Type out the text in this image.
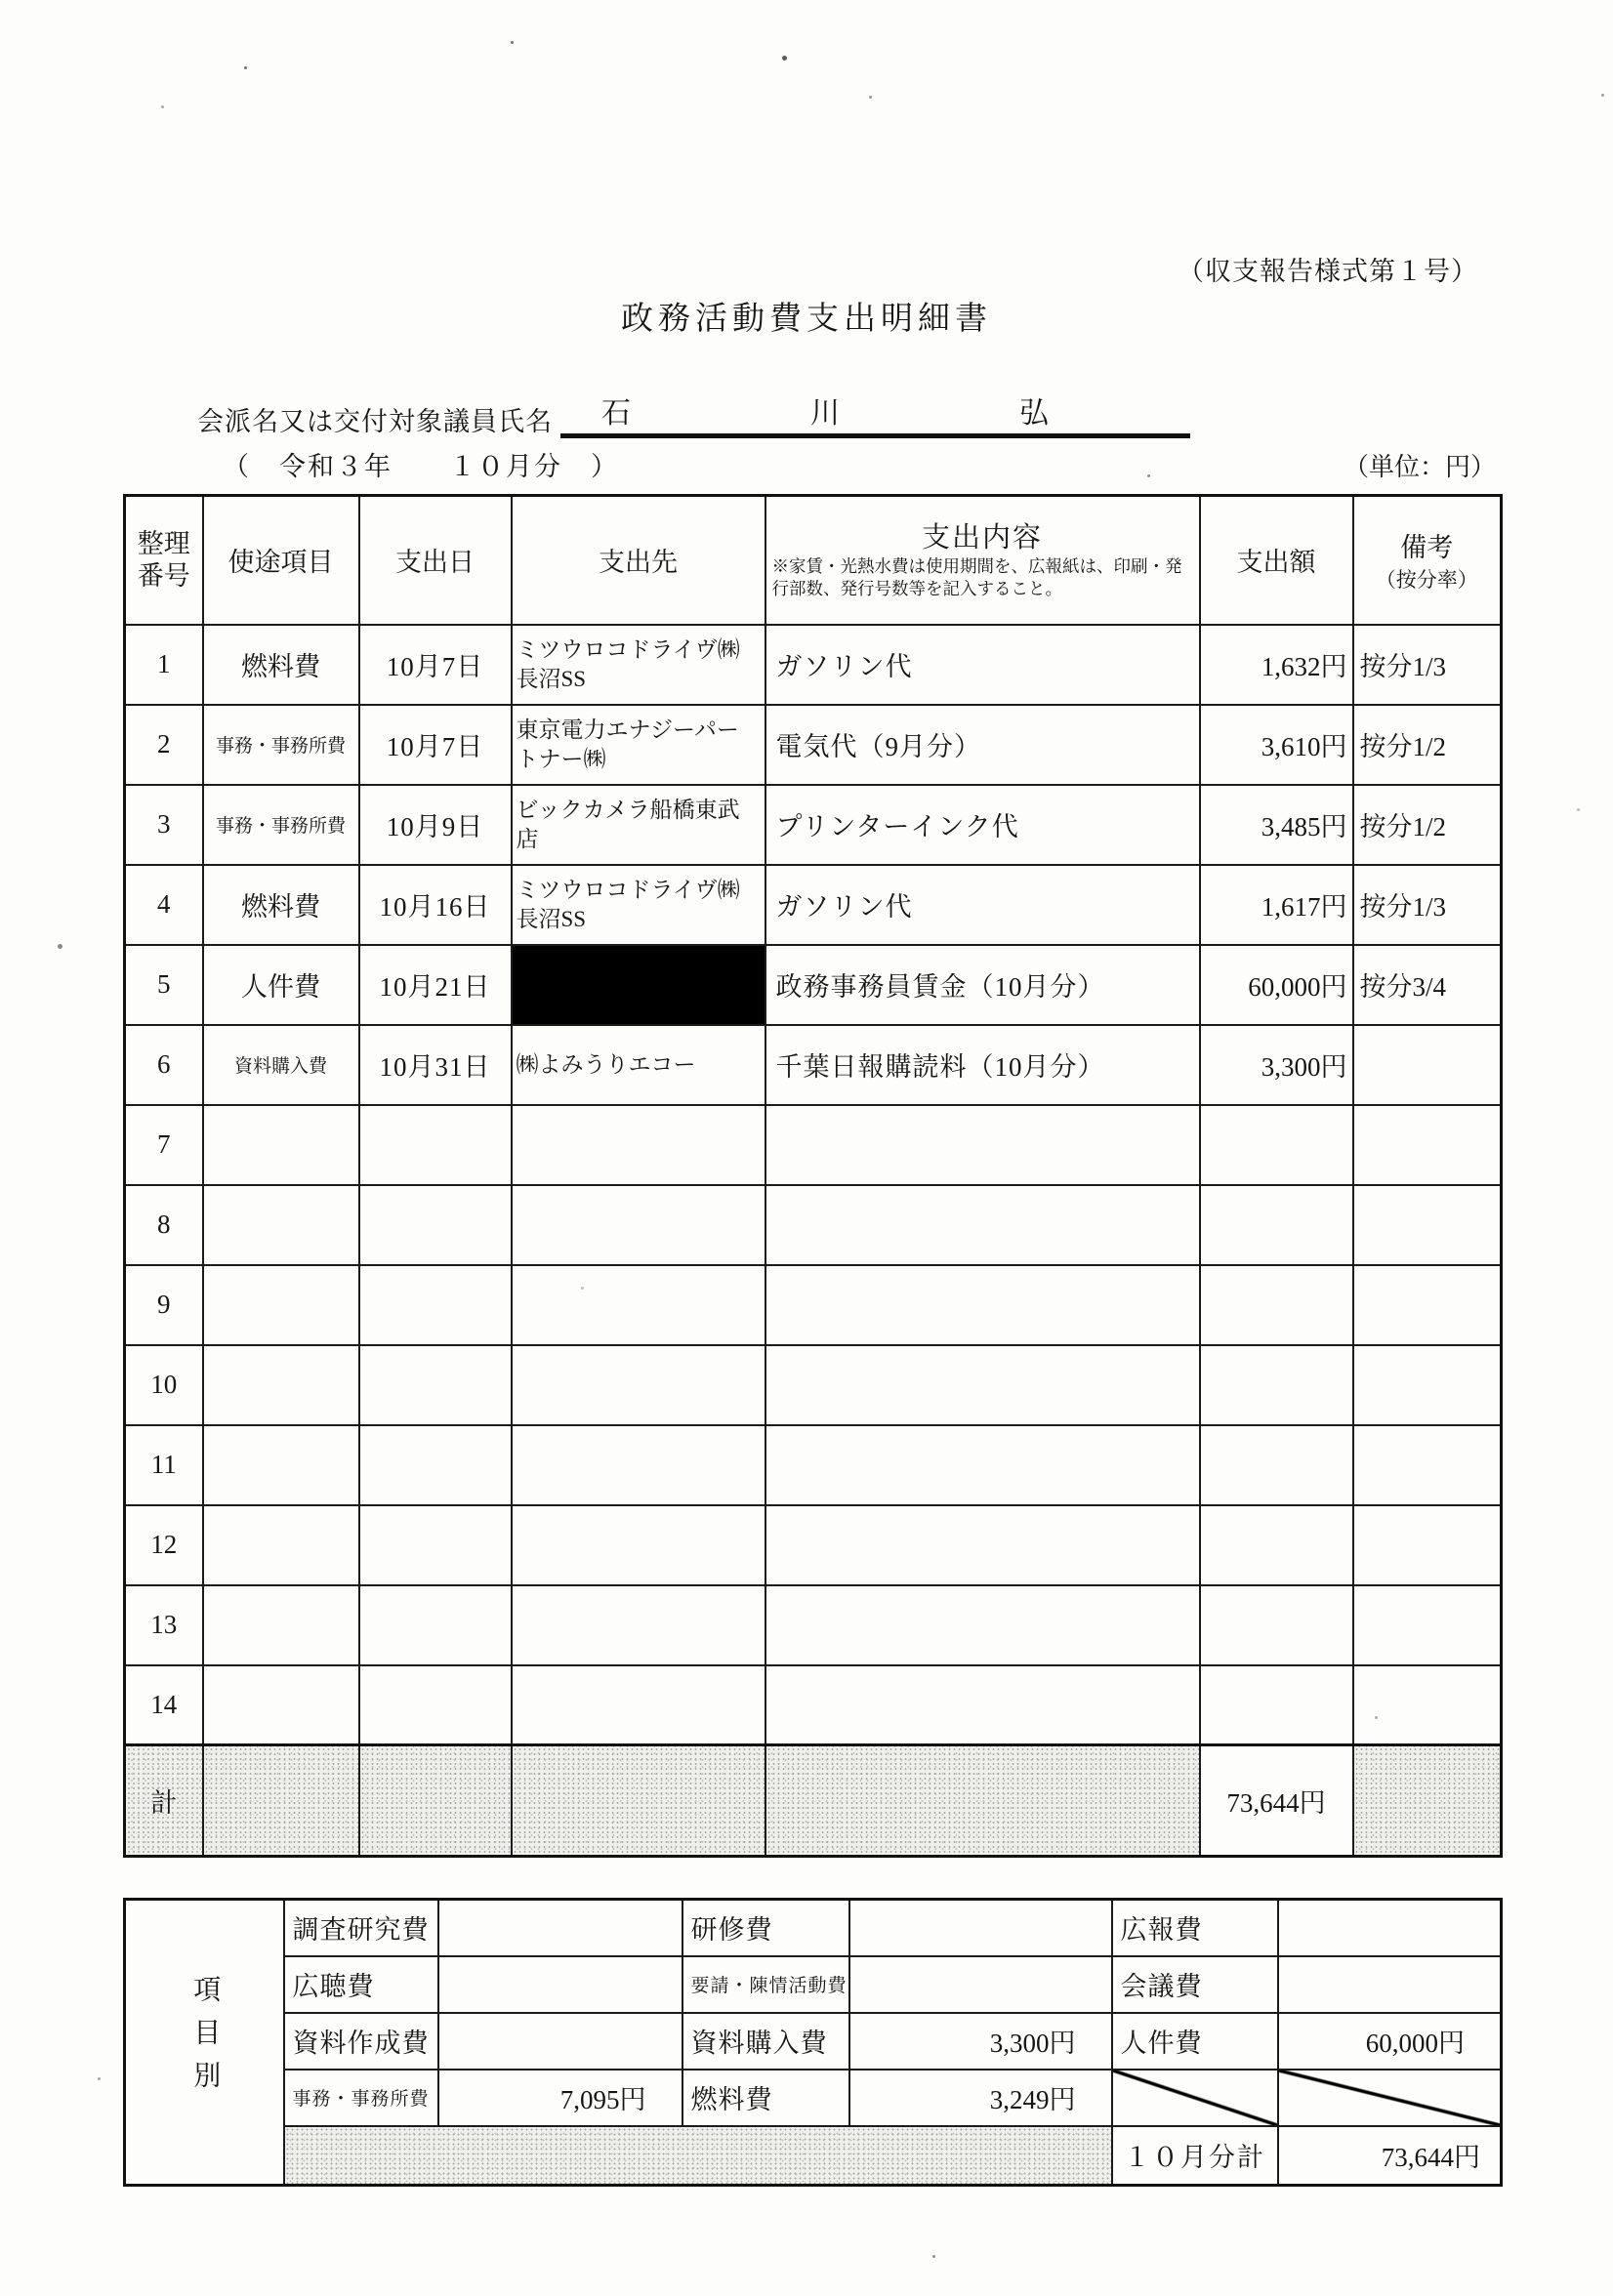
（収支報告様式第１号）
政務活動費支出明細書
会派名又は交付対象議員氏名 石	川	弘
（　令和３年　　１０月分　）	（単位：円）
整理
番号	使途項目	支出日	支出先	
支出内容
※家賃・光熱水費は使用期間を、広報紙は、印刷・発行部数、発行号数等を記入すること。
	支出額	備考
（按分率）

1	燃料費	10月7日	ミツウロコドライヴ㈱長沼SS	ガソリン代	1,632円	按分1/3
2	事務・事務所費	10月7日	東京電力エナジーパートナー㈱	電気代（9月分）	3,610円	按分1/2
3	事務・事務所費	10月9日	ビックカメラ船橋東武店	プリンターインク代	3,485円	按分1/2
4	燃料費	10月16日	ミツウロコドライヴ㈱長沼SS	ガソリン代	1,617円	按分1/3
5	人件費	10月21日		政務事務員賃金（10月分）	60,000円	按分3/4
6	資料購入費	10月31日	㈱よみうりエコー	千葉日報購読料（10月分）	3,300円	
7						
8						
9						
10						
11						
12						
13						
14						
計					73,644円	
項目別	調査研究費		研修費		広報費	
	広聴費		要請・陳情活動費		会議費	
	資料作成費		資料購入費	3,300円	人件費	60,000円
	事務・事務所費	7,095円	燃料費	3,249円		
					１０月分計	73,644円
